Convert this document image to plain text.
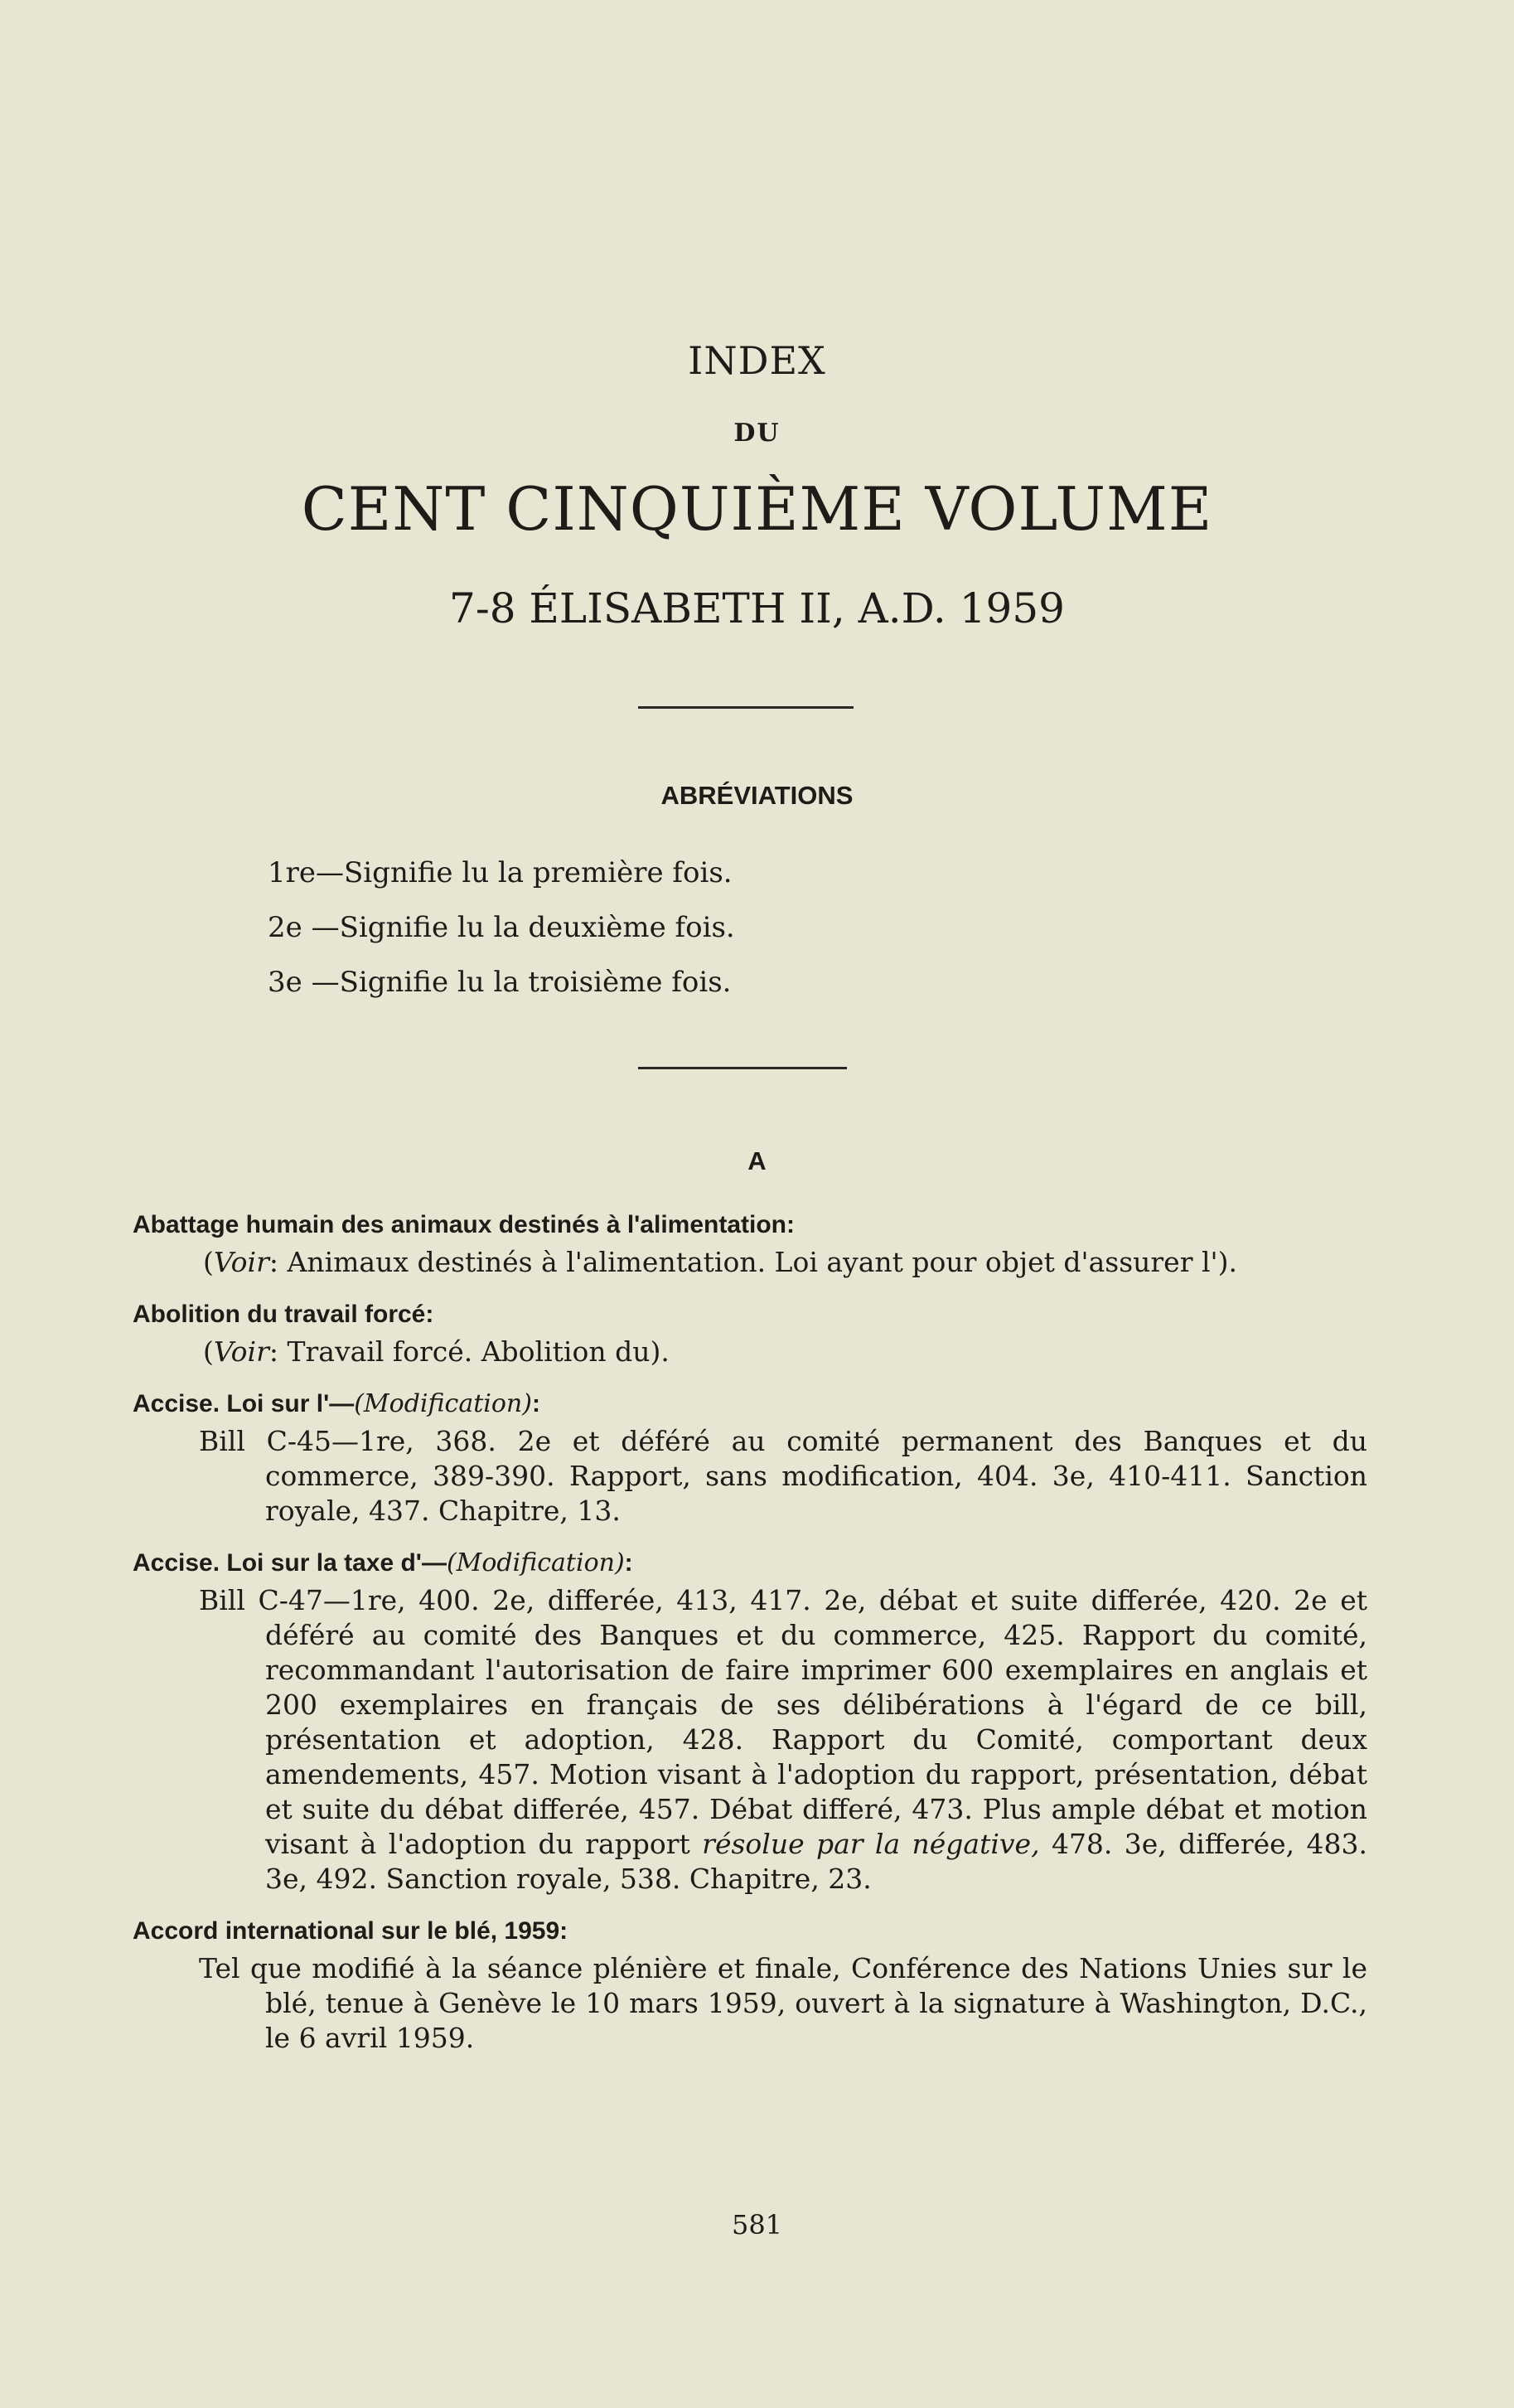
INDEX
DU
CENT CINQUIÈME VOLUME
7-8 ÉLISABETH II, A.D. 1959
ABRÉVIATIONS
1re—Signifie lu la première fois.
2e —Signifie lu la deuxième fois.
3e —Signifie lu la troisième fois.
A
Abattage humain des animaux destinés à l'alimentation:
(Voir: Animaux destinés à l'alimentation. Loi ayant pour objet d'assurer l').
Abolition du travail forcé:
(Voir: Travail forcé. Abolition du).
Accise. Loi sur l'—(Modification):
Bill C-45—1re, 368. 2e et déféré au comité permanent des Banques et du commerce, 389-390. Rapport, sans modification, 404. 3e, 410-411. Sanction royale, 437. Chapitre, 13.
Accise. Loi sur la taxe d'—(Modification):
Bill C-47—1re, 400. 2e, differée, 413, 417. 2e, débat et suite differée, 420. 2e et déféré au comité des Banques et du commerce, 425. Rapport du comité, recommandant l'autorisation de faire imprimer 600 exemplaires en anglais et 200 exemplaires en français de ses délibérations à l'égard de ce bill, présentation et adoption, 428. Rapport du Comité, comportant deux amendements, 457. Motion visant à l'adoption du rapport, présentation, débat et suite du débat differée, 457. Débat differé, 473. Plus ample débat et motion visant à l'adoption du rapport résolue par la négative, 478. 3e, differée, 483. 3e, 492. Sanction royale, 538. Chapitre, 23.
Accord international sur le blé, 1959:
Tel que modifié à la séance plénière et finale, Conférence des Nations Unies sur le blé, tenue à Genève le 10 mars 1959, ouvert à la signature à Washington, D.C., le 6 avril 1959.
581
